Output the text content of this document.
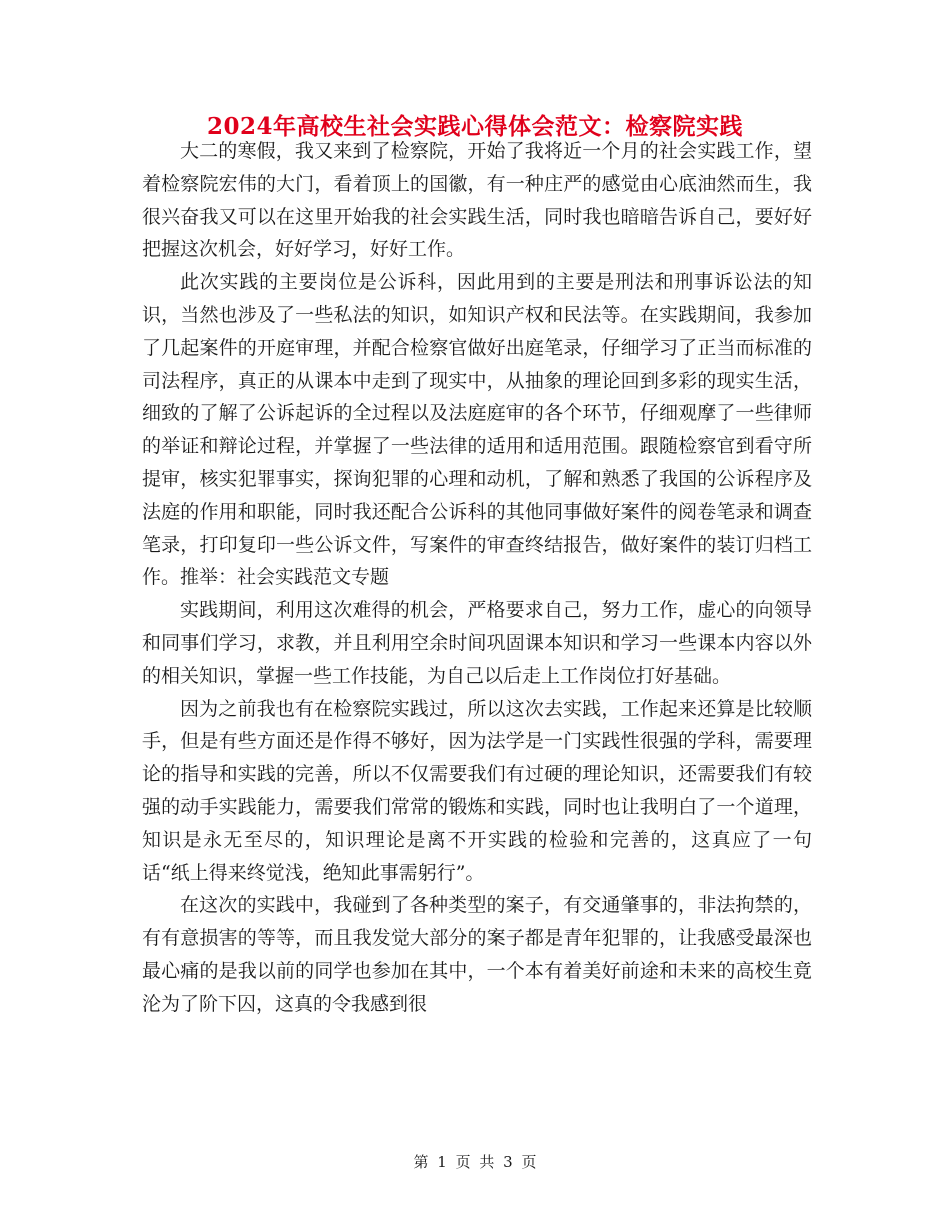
2024年高校生社会实践心得体会范文：检察院实践

大二的寒假，我又来到了检察院，开始了我将近一个月的社会实践工作，望着检察院宏伟的大门，看着顶上的国徽，有一种庄严的感觉由心底油然而生，我很兴奋我又可以在这里开始我的社会实践生活，同时我也暗暗告诉自己，要好好把握这次机会，好好学习，好好工作。

此次实践的主要岗位是公诉科，因此用到的主要是刑法和刑事诉讼法的知识，当然也涉及了一些私法的知识，如知识产权和民法等。在实践期间，我参加了几起案件的开庭审理，并配合检察官做好出庭笔录，仔细学习了正当而标准的司法程序，真正的从课本中走到了现实中，从抽象的理论回到多彩的现实生活，细致的了解了公诉起诉的全过程以及法庭庭审的各个环节，仔细观摩了一些律师的举证和辩论过程，并掌握了一些法律的适用和适用范围。跟随检察官到看守所提审，核实犯罪事实，探询犯罪的心理和动机，了解和熟悉了我国的公诉程序及法庭的作用和职能，同时我还配合公诉科的其他同事做好案件的阅卷笔录和调查笔录，打印复印一些公诉文件，写案件的审查终结报告，做好案件的装订归档工作。推举：社会实践范文专题

实践期间，利用这次难得的机会，严格要求自己，努力工作，虚心的向领导和同事们学习，求教，并且利用空余时间巩固课本知识和学习一些课本内容以外的相关知识，掌握一些工作技能，为自己以后走上工作岗位打好基础。

因为之前我也有在检察院实践过，所以这次去实践，工作起来还算是比较顺手，但是有些方面还是作得不够好，因为法学是一门实践性很强的学科，需要理论的指导和实践的完善，所以不仅需要我们有过硬的理论知识，还需要我们有较强的动手实践能力，需要我们常常的锻炼和实践，同时也让我明白了一个道理，知识是永无至尽的，知识理论是离不开实践的检验和完善的，这真应了一句话“纸上得来终觉浅，绝知此事需躬行”。

在这次的实践中，我碰到了各种类型的案子，有交通肇事的，非法拘禁的，有有意损害的等等，而且我发觉大部分的案子都是青年犯罪的，让我感受最深也最心痛的是我以前的同学也参加在其中，一个本有着美好前途和未来的高校生竟沦为了阶下囚，这真的令我感到很

第 1 页 共 3 页
